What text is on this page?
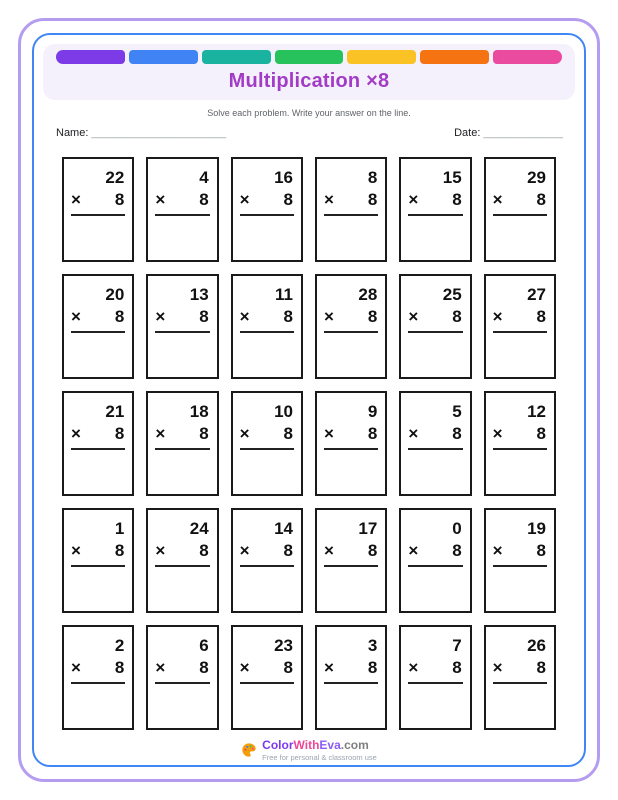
Multiplication ×8
Solve each problem. Write your answer on the line.
Name: ______________________	Date: _____________
22
× 8
4
× 8
16
× 8
8
× 8
15
× 8
29
× 8
20
× 8
13
× 8
11
× 8
28
× 8
25
× 8
27
× 8
21
× 8
18
× 8
10
× 8
9
× 8
5
× 8
12
× 8
1
× 8
24
× 8
14
× 8
17
× 8
0
× 8
19
× 8
2
× 8
6
× 8
23
× 8
3
× 8
7
× 8
26
× 8
ColorWithEva.com
Free for personal & classroom use
